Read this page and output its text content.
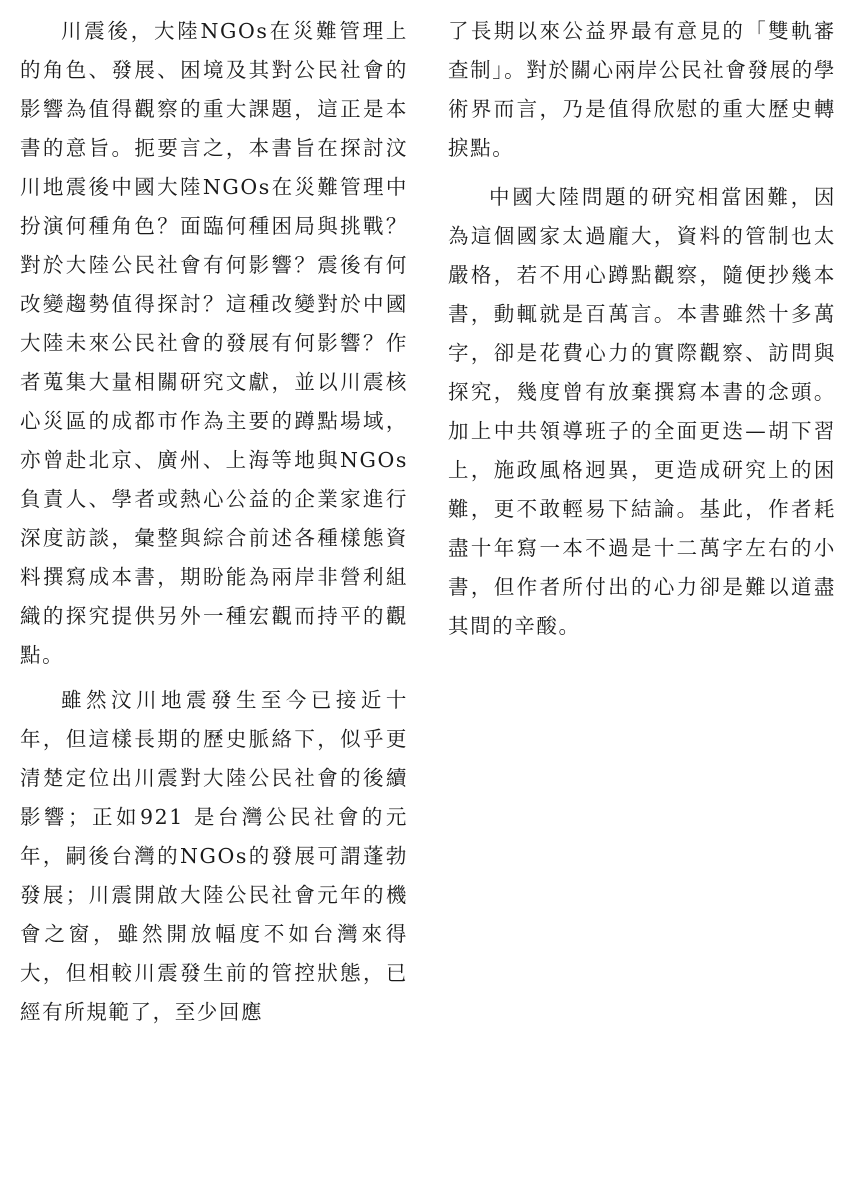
川震後，大陸NGOs在災難管理上的角色、發展、困境及其對公民社會的影響為值得觀察的重大課題，這正是本書的意旨。扼要言之，本書旨在探討汶川地震後中國大陸NGOs在災難管理中扮演何種角色？面臨何種困局與挑戰？對於大陸公民社會有何影響？震後有何改變趨勢值得探討？這種改變對於中國大陸未來公民社會的發展有何影響？作者蒐集大量相關研究文獻，並以川震核心災區的成都市作為主要的蹲點場域，亦曾赴北京、廣州、上海等地與NGOs負責人、學者或熱心公益的企業家進行深度訪談，彙整與綜合前述各種樣態資料撰寫成本書，期盼能為兩岸非營利組織的探究提供另外一種宏觀而持平的觀點。

雖然汶川地震發生至今已接近十年，但這樣長期的歷史脈絡下，似乎更清楚定位出川震對大陸公民社會的後續影響；正如921 是台灣公民社會的元年，嗣後台灣的NGOs的發展可謂蓬勃發展；川震開啟大陸公民社會元年的機會之窗，雖然開放幅度不如台灣來得大，但相較川震發生前的管控狀態，已經有所規範了，至少回應

了長期以來公益界最有意見的「雙軌審查制」。對於關心兩岸公民社會發展的學術界而言，乃是值得欣慰的重大歷史轉捩點。

中國大陸問題的研究相當困難，因為這個國家太過龐大，資料的管制也太嚴格，若不用心蹲點觀察，隨便抄幾本書，動輒就是百萬言。本書雖然十多萬字，卻是花費心力的實際觀察、訪問與探究，幾度曾有放棄撰寫本書的念頭。加上中共領導班子的全面更迭—胡下習上，施政風格迥異，更造成研究上的困難，更不敢輕易下結論。基此，作者耗盡十年寫一本不過是十二萬字左右的小書，但作者所付出的心力卻是難以道盡其間的辛酸。
